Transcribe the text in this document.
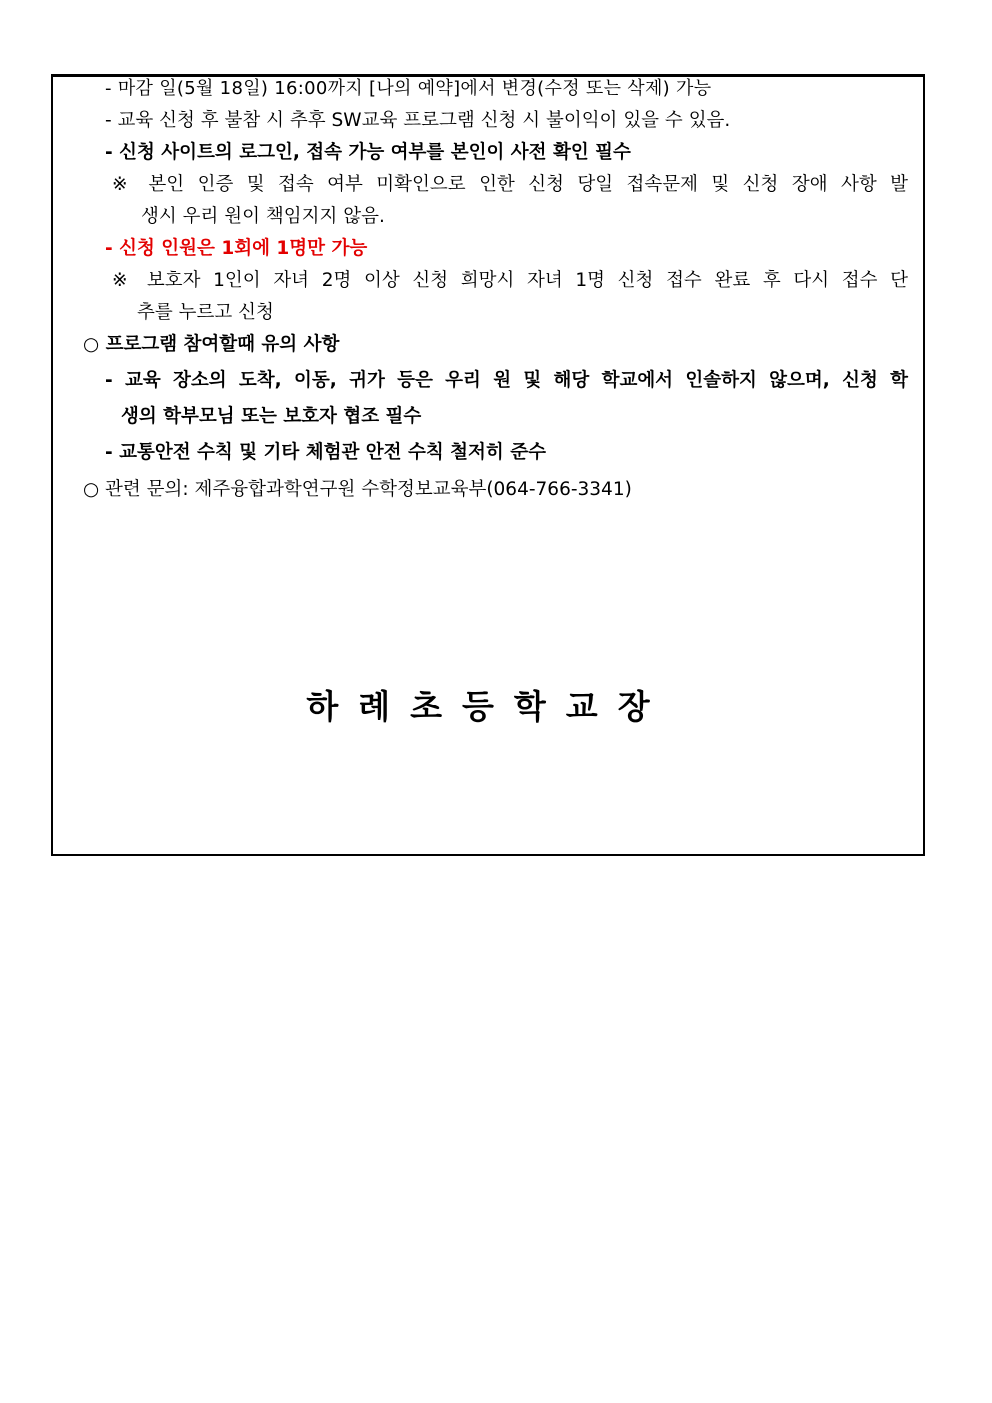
- 마감 일(5월 18일) 16:00까지 [나의 예약]에서 변경(수정 또는 삭제) 가능
- 교육 신청 후 불참 시 추후 SW교육 프로그램 신청 시 불이익이 있을 수 있음.
- 신청 사이트의 로그인, 접속 가능 여부를 본인이 사전 확인 필수
※ 본인 인증 및 접속 여부 미확인으로 인한 신청 당일 접속문제 및 신청 장애 사항 발
생시 우리 원이 책임지지 않음.
- 신청 인원은 1회에 1명만 가능
※ 보호자 1인이 자녀 2명 이상 신청 희망시 자녀 1명 신청 접수 완료 후 다시 접수 단
추를 누르고 신청
○ 프로그램 참여할때 유의 사항
- 교육 장소의 도착, 이동, 귀가 등은 우리 원 및 해당 학교에서 인솔하지 않으며, 신청 학
생의 학부모님 또는 보호자 협조 필수
- 교통안전 수칙 및 기타 체험관 안전 수칙 철저히 준수
○ 관련 문의: 제주융합과학연구원 수학정보교육부(064-766-3341)
하례초등학교장
